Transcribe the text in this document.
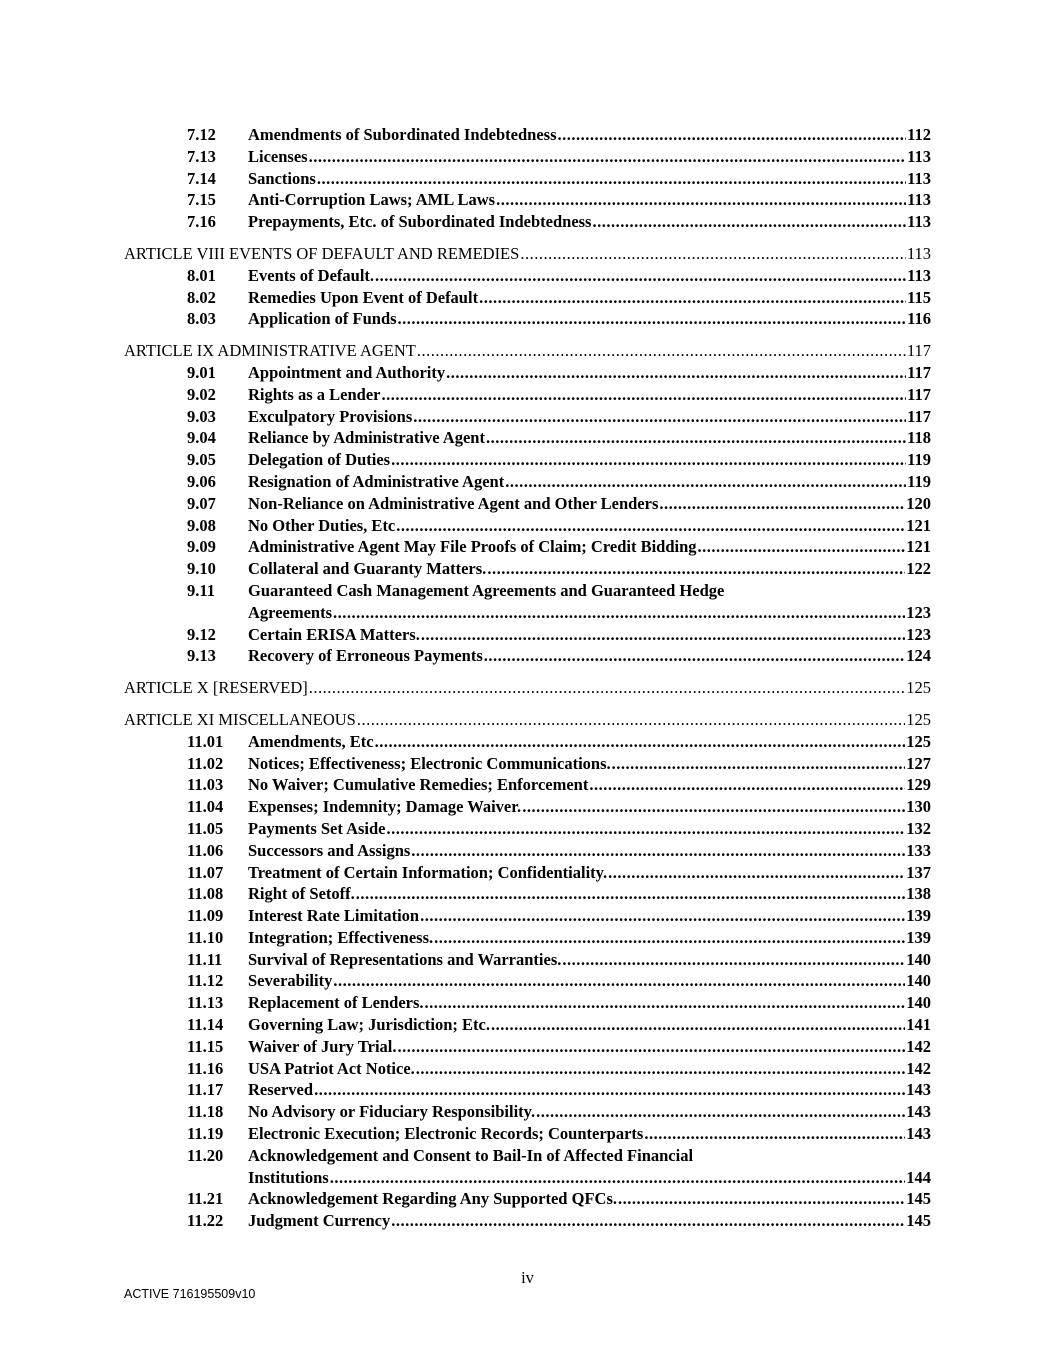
7.12 Amendments of Subordinated Indebtedness .....	112
7.13 Licenses .....	113
7.14 Sanctions .....	113
7.15 Anti-Corruption Laws; AML Laws .....	113
7.16 Prepayments, Etc. of Subordinated Indebtedness .....	113
ARTICLE VIII EVENTS OF DEFAULT AND REMEDIES .....	113
8.01 Events of Default. .....	113
8.02 Remedies Upon Event of Default .....	115
8.03 Application of Funds .....	116
ARTICLE IX ADMINISTRATIVE AGENT .....	117
9.01 Appointment and Authority .....	117
9.02 Rights as a Lender .....	117
9.03 Exculpatory Provisions .....	117
9.04 Reliance by Administrative Agent .....	118
9.05 Delegation of Duties .....	119
9.06 Resignation of Administrative Agent .....	119
9.07 Non-Reliance on Administrative Agent and Other Lenders .....	120
9.08 No Other Duties, Etc .....	121
9.09 Administrative Agent May File Proofs of Claim; Credit Bidding .....	121
9.10 Collateral and Guaranty Matters. .....	122
9.11 Guaranteed Cash Management Agreements and Guaranteed Hedge
Agreements .....	123
9.12 Certain ERISA Matters. .....	123
9.13 Recovery of Erroneous Payments .....	124
ARTICLE X [RESERVED] .....	125
ARTICLE XI MISCELLANEOUS .....	125
11.01 Amendments, Etc .....	125
11.02 Notices; Effectiveness; Electronic Communications. .....	127
11.03 No Waiver; Cumulative Remedies; Enforcement .....	129
11.04 Expenses; Indemnity; Damage Waiver. .....	130
11.05 Payments Set Aside .....	132
11.06 Successors and Assigns .....	133
11.07 Treatment of Certain Information; Confidentiality. .....	137
11.08 Right of Setoff. .....	138
11.09 Interest Rate Limitation .....	139
11.10 Integration; Effectiveness. .....	139
11.11 Survival of Representations and Warranties. .....	140
11.12 Severability .....	140
11.13 Replacement of Lenders. .....	140
11.14 Governing Law; Jurisdiction; Etc. .....	141
11.15 Waiver of Jury Trial. .....	142
11.16 USA Patriot Act Notice. .....	142
11.17 Reserved .....	143
11.18 No Advisory or Fiduciary Responsibility. .....	143
11.19 Electronic Execution; Electronic Records; Counterparts .....	143
11.20 Acknowledgement and Consent to Bail-In of Affected Financial
Institutions .....	144
11.21 Acknowledgement Regarding Any Supported QFCs. .....	145
11.22 Judgment Currency .....	145
iv
ACTIVE 716195509v10
